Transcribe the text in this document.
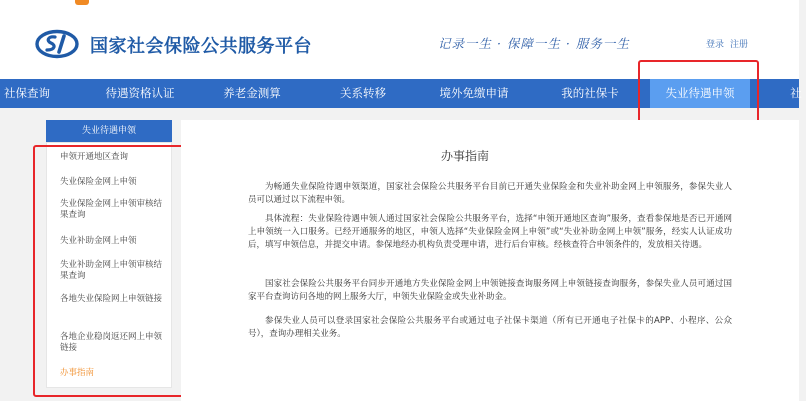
国家社会保险公共服务平台	记录一生 · 保障一生 · 服务一生	登录 注册
社保查询	待遇资格认证	养老金测算	关系转移	境外免缴申请	我的社保卡	失业待遇申领	社
失业待遇申领
申领开通地区查询
失业保险金网上申领
失业保险金网上申领审核结果查询
失业补助金网上申领
失业补助金网上申领审核结果查询
各地失业保险网上申领链接
各地企业稳岗返还网上申领链接
办事指南
办事指南
为畅通失业保险待遇申领渠道，国家社会保险公共服务平台目前已开通失业保险金和失业补助金网上申领服务，参保失业人员可以通过以下流程申领。
具体流程：失业保险待遇申领人通过国家社会保险公共服务平台，选择“申领开通地区查询”服务，查看参保地是否已开通网上申领统一入口服务。已经开通服务的地区，申领人选择“失业保险金网上申领”或“失业补助金网上申领”服务，经实人认证成功后，填写申领信息，并提交申请。参保地经办机构负责受理申请，进行后台审核。经核查符合申领条件的，发放相关待遇。
国家社会保险公共服务平台同步开通地方失业保险金网上申领链接查询服务网上申领链接查询服务，参保失业人员可通过国家平台查询访问各地的网上服务大厅，申领失业保险金或失业补助金。
参保失业人员可以登录国家社会保险公共服务平台或通过电子社保卡渠道（所有已开通电子社保卡的APP、小程序、公众号），查询办理相关业务。
